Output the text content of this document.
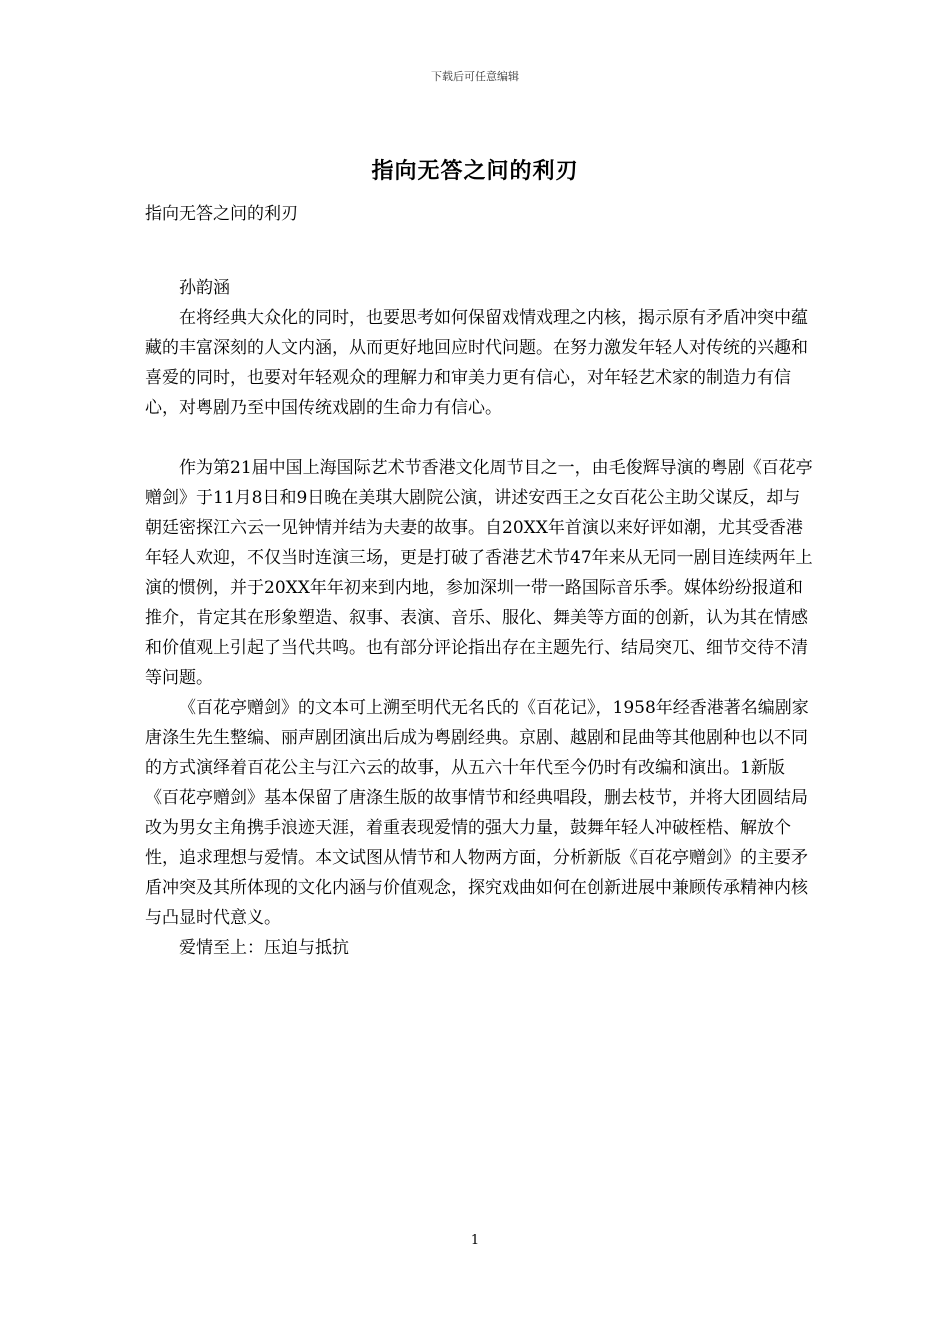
下载后可任意编辑
指向无答之问的利刃

指向无答之问的利刃

孙韵涵

在将经典大众化的同时，也要思考如何保留戏情戏理之内核，揭示原有矛盾冲突中蕴藏的丰富深刻的人文内涵，从而更好地回应时代问题。在努力激发年轻人对传统的兴趣和喜爱的同时，也要对年轻观众的理解力和审美力更有信心，对年轻艺术家的制造力有信心，对粤剧乃至中国传统戏剧的生命力有信心。

作为第21届中国上海国际艺术节香港文化周节目之一，由毛俊辉导演的粤剧《百花亭赠剑》于11月8日和9日晚在美琪大剧院公演，讲述安西王之女百花公主助父谋反，却与朝廷密探江六云一见钟情并结为夫妻的故事。自20XX年首演以来好评如潮，尤其受香港年轻人欢迎，不仅当时连演三场，更是打破了香港艺术节47年来从无同一剧目连续两年上演的惯例，并于20XX年年初来到内地，参加深圳一带一路国际音乐季。媒体纷纷报道和推介，肯定其在形象塑造、叙事、表演、音乐、服化、舞美等方面的创新，认为其在情感和价值观上引起了当代共鸣。也有部分评论指出存在主题先行、结局突兀、细节交待不清等问题。

《百花亭赠剑》的文本可上溯至明代无名氏的《百花记》，1958年经香港著名编剧家唐涤生先生整编、丽声剧团演出后成为粤剧经典。京剧、越剧和昆曲等其他剧种也以不同的方式演绎着百花公主与江六云的故事，从五六十年代至今仍时有改编和演出。1新版《百花亭赠剑》基本保留了唐涤生版的故事情节和经典唱段，删去枝节，并将大团圆结局改为男女主角携手浪迹天涯，着重表现爱情的强大力量，鼓舞年轻人冲破桎梏、解放个性，追求理想与爱情。本文试图从情节和人物两方面，分析新版《百花亭赠剑》的主要矛盾冲突及其所体现的文化内涵与价值观念，探究戏曲如何在创新进展中兼顾传承精神内核与凸显时代意义。

爱情至上：压迫与抵抗

1
